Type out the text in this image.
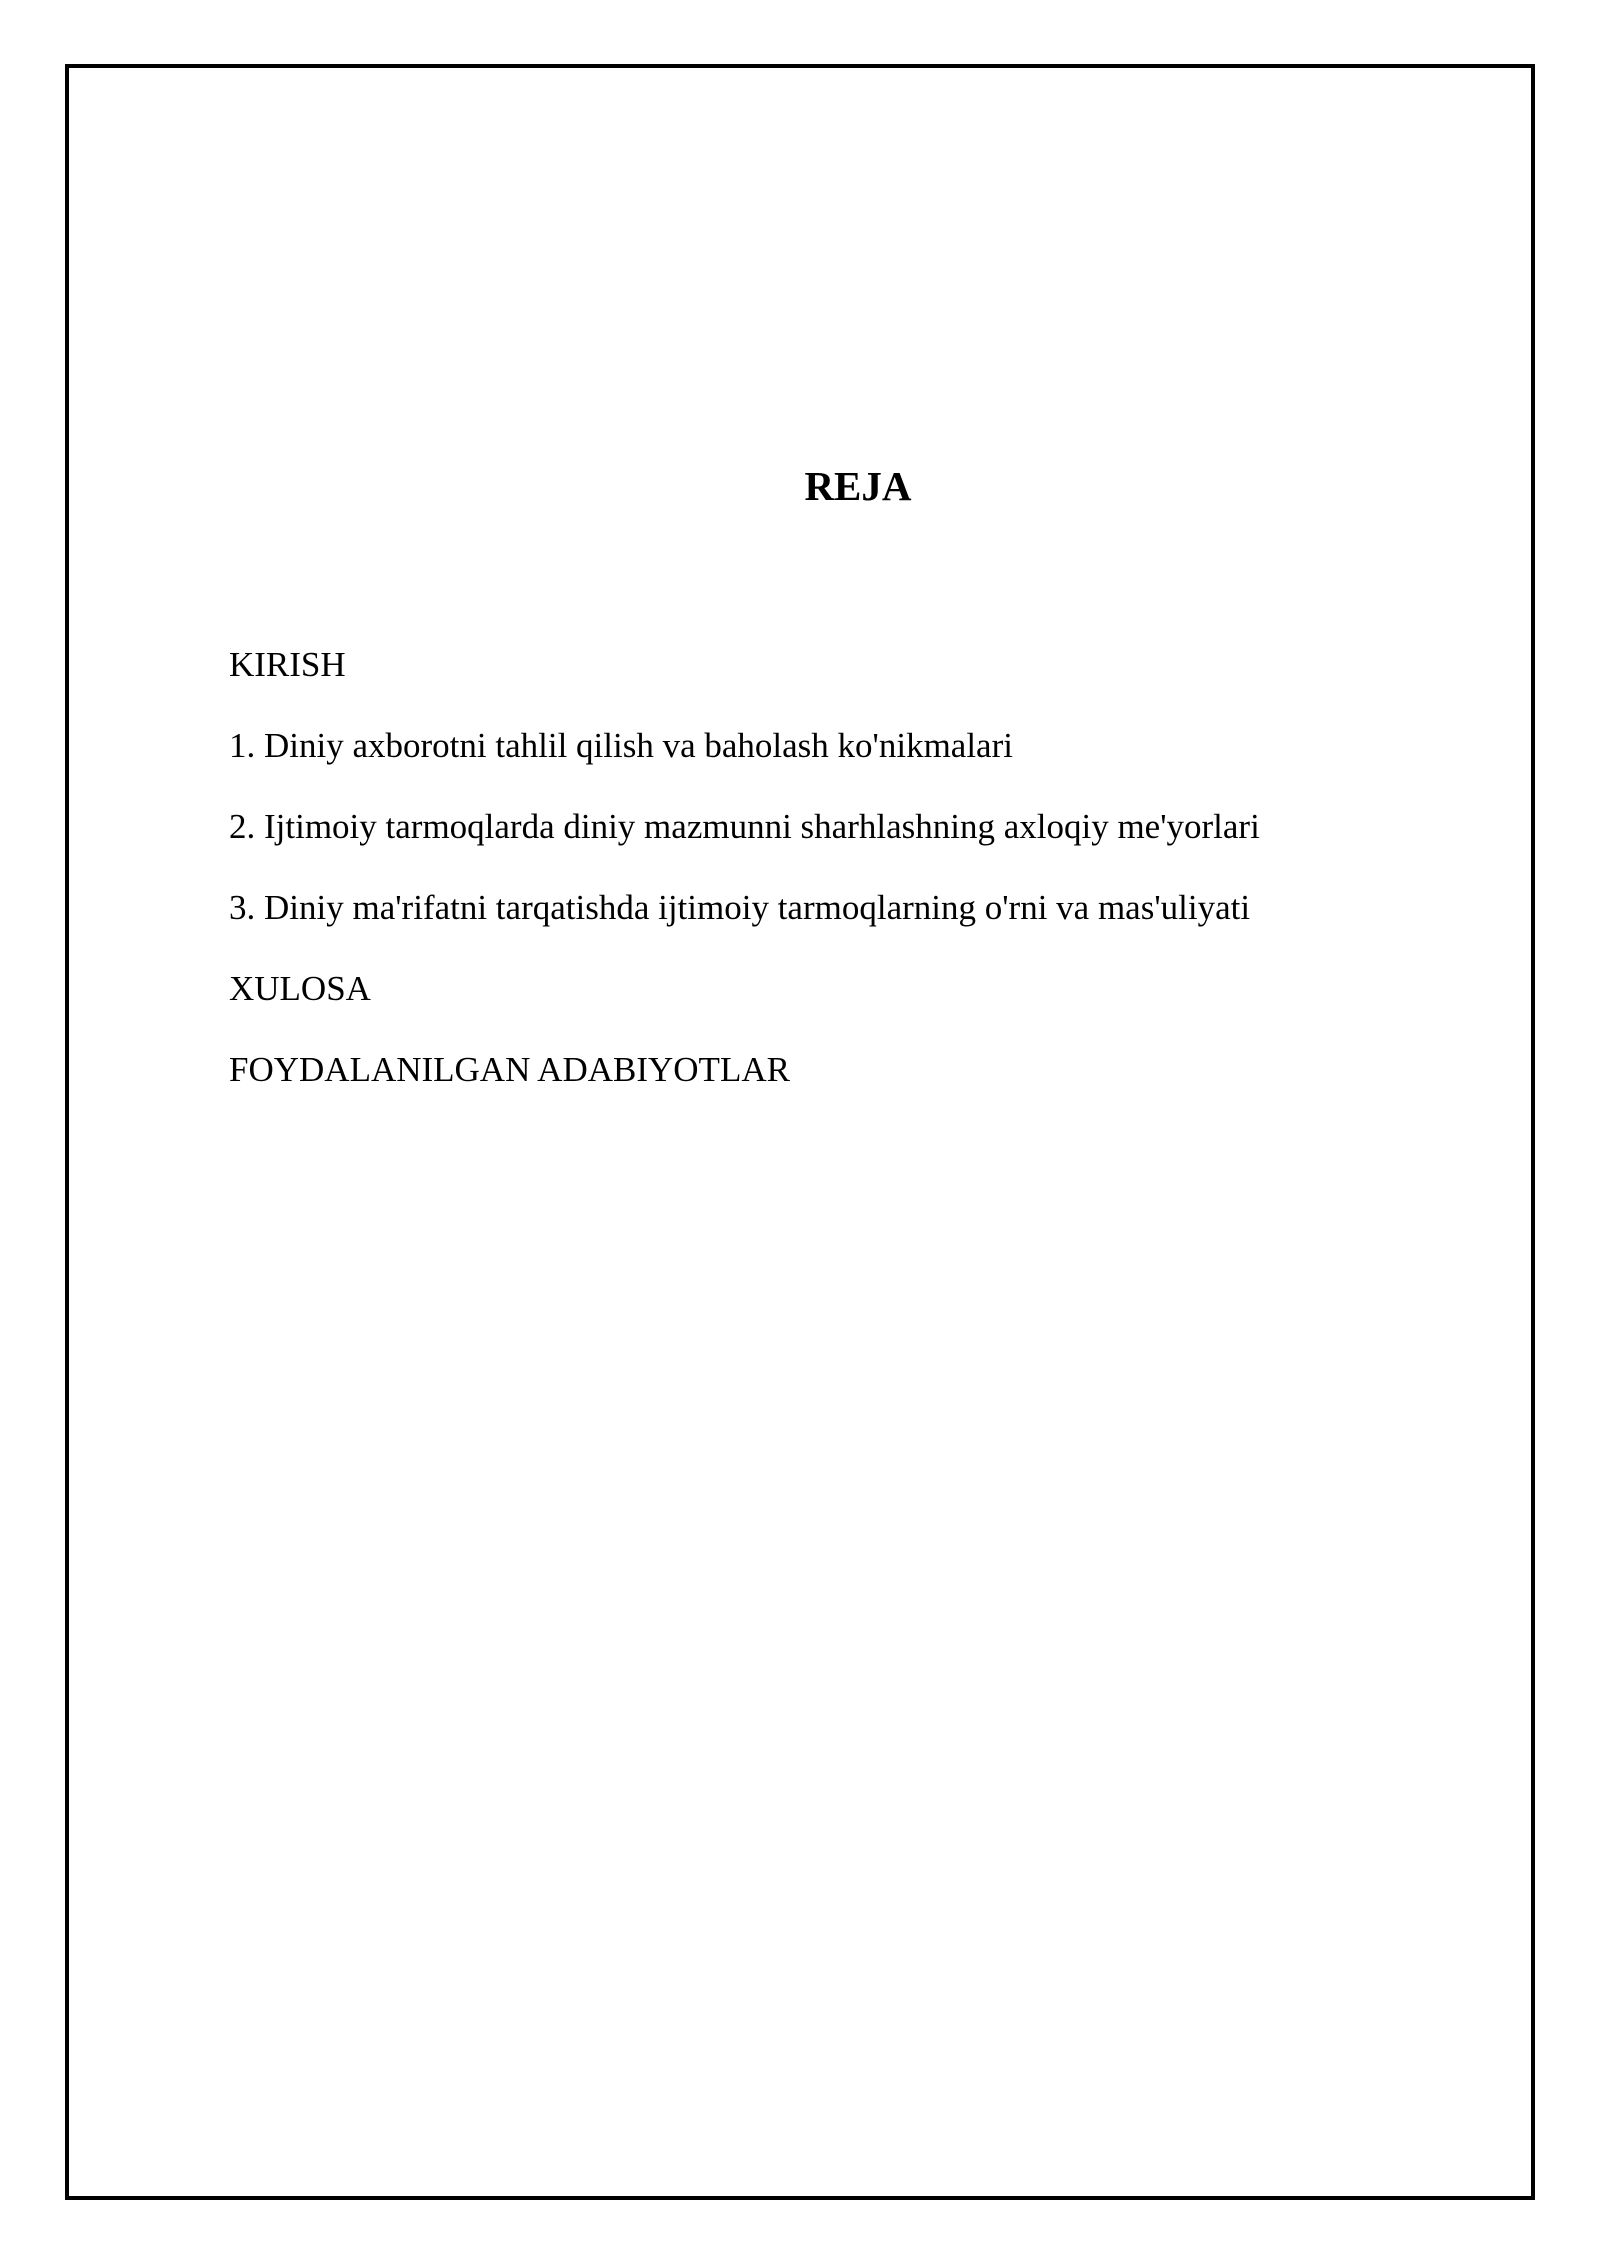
REJA
KIRISH
1. Diniy axborotni tahlil qilish va baholash ko'nikmalari
2. Ijtimoiy tarmoqlarda diniy mazmunni sharhlashning axloqiy me'yorlari
3. Diniy ma'rifatni tarqatishda ijtimoiy tarmoqlarning o'rni va mas'uliyati
XULOSA
FOYDALANILGAN ADABIYOTLAR
